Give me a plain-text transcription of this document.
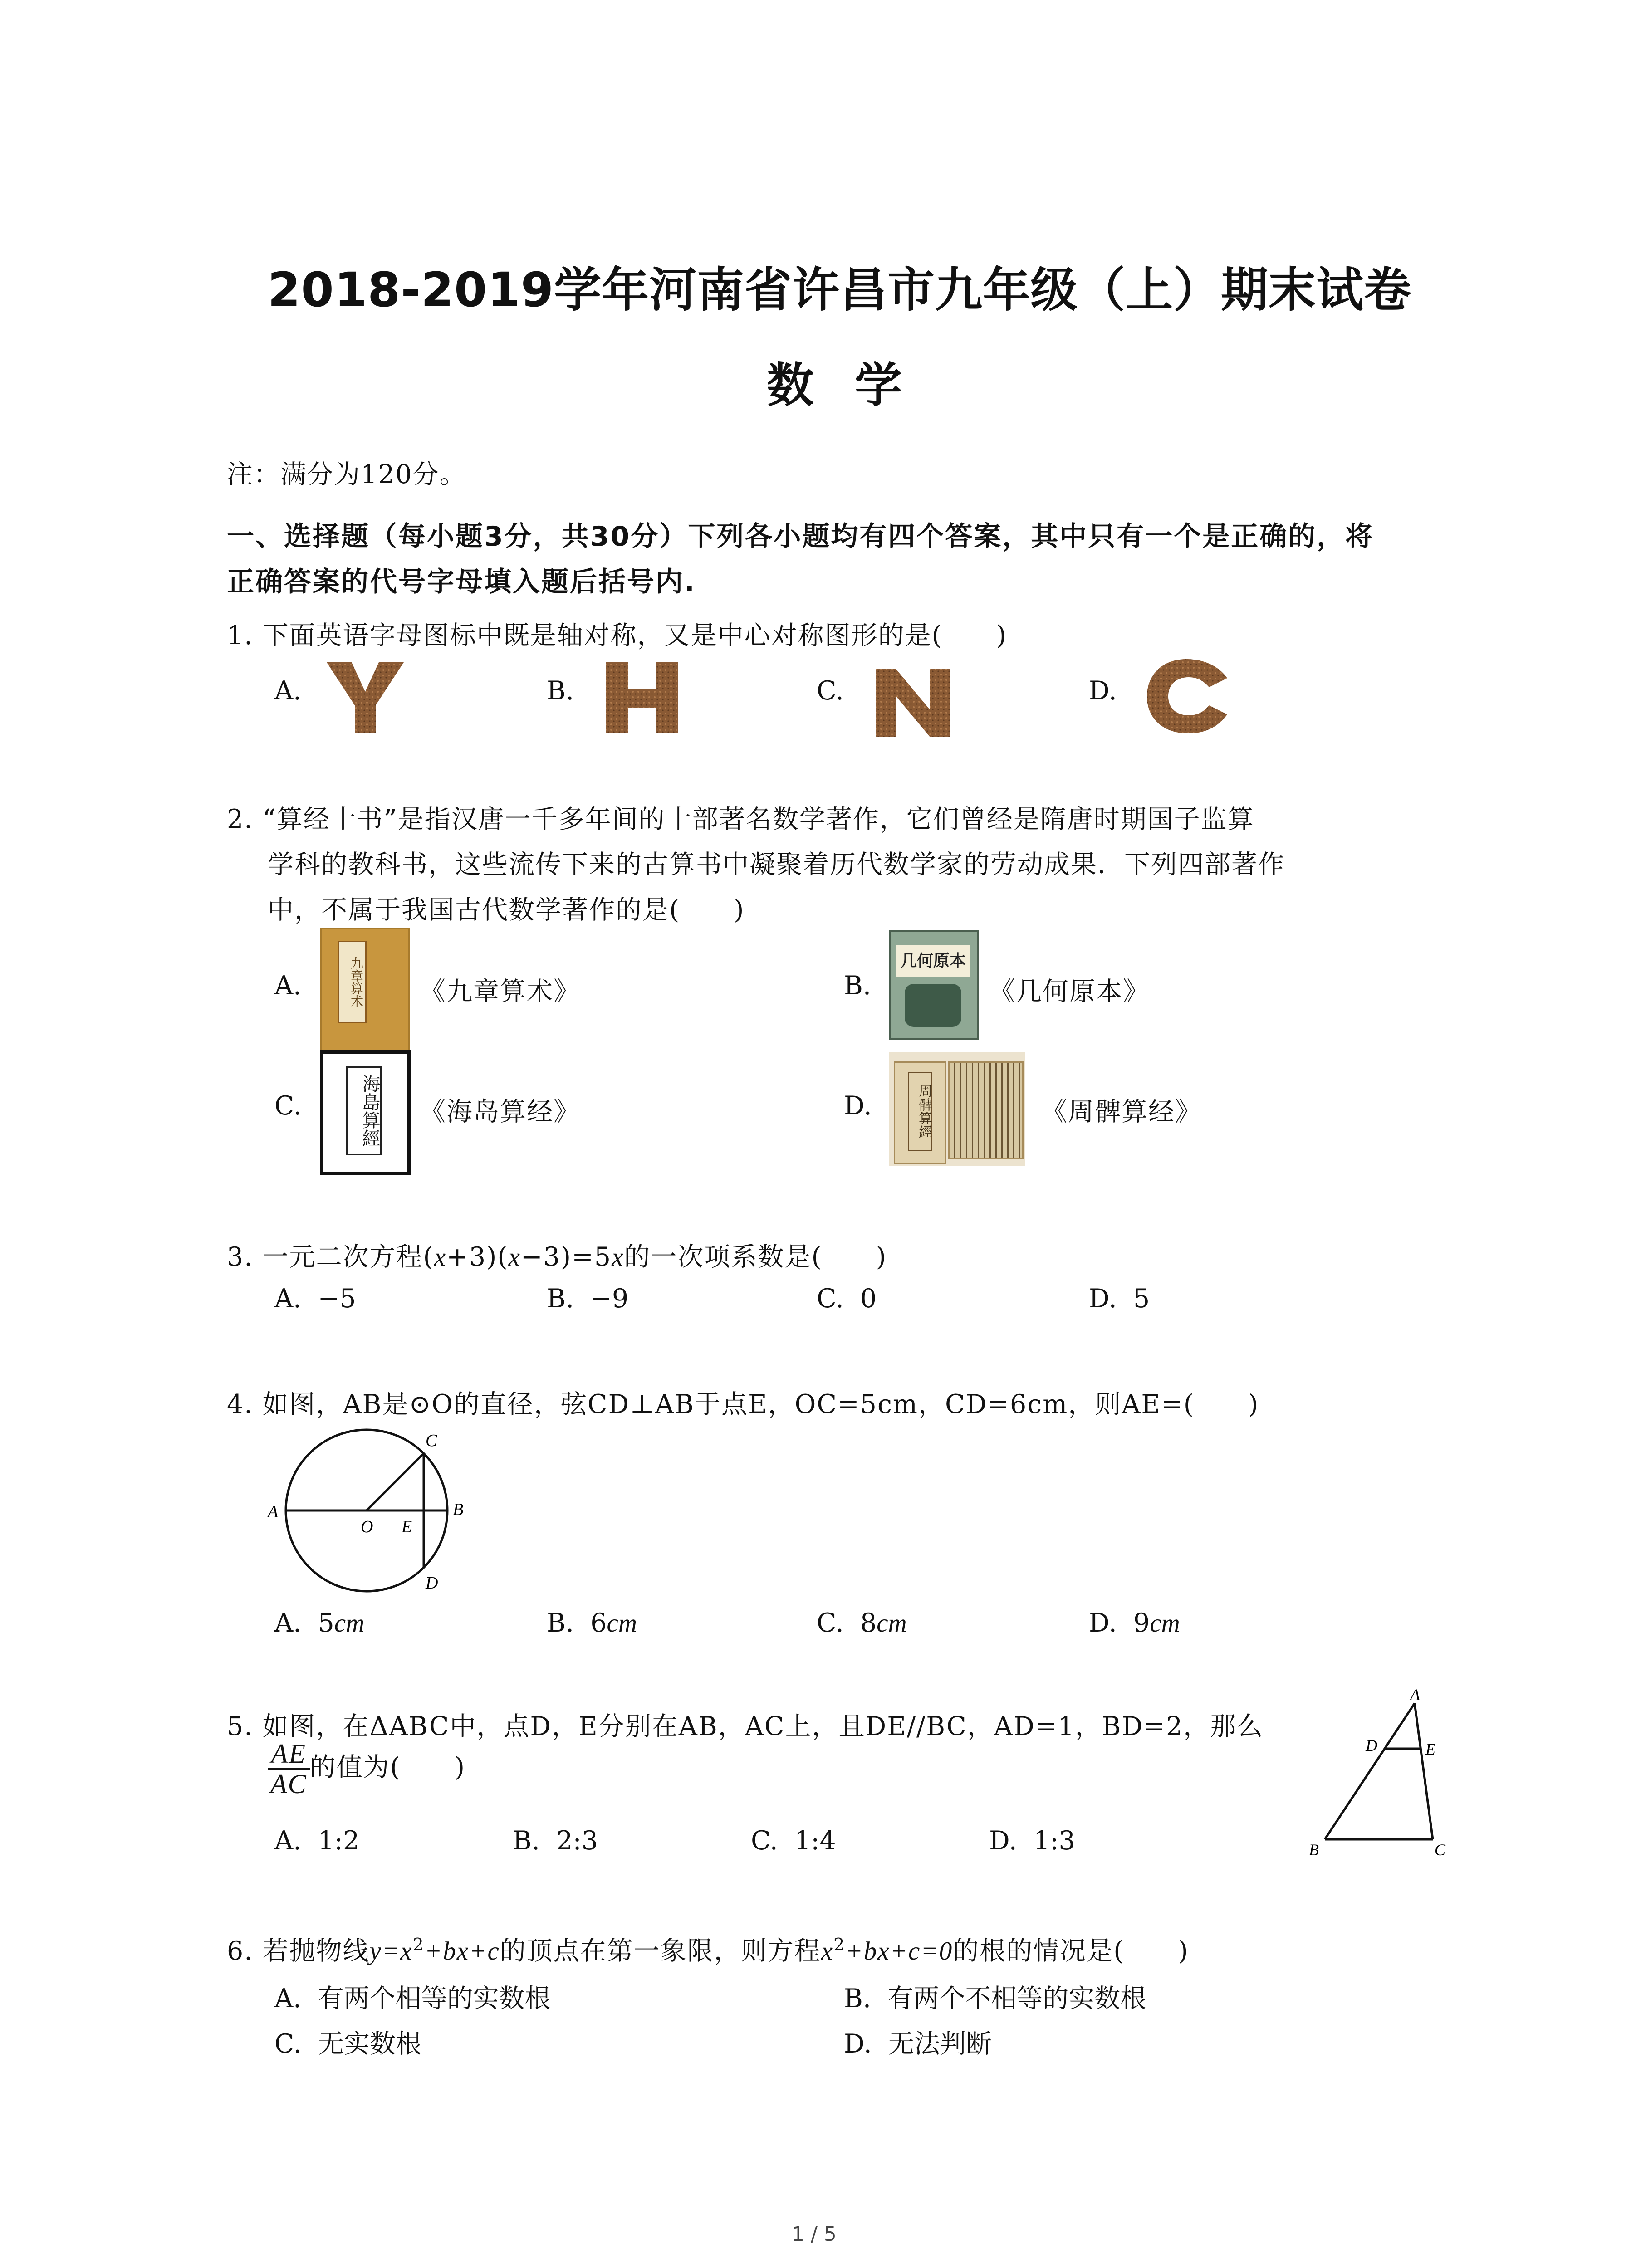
2018-2019学年河南省许昌市九年级（上）期末试卷
数学
注：满分为120分。
一、选择题（每小题3分，共30分）下列各小题均有四个答案，其中只有一个是正确的，将
正确答案的代号字母填入题后括号内.
1. 下面英语字母图标中既是轴对称，又是中心对称图形的是(　　)
A.	B.	C.	D.
2. “算经十书”是指汉唐一千多年间的十部著名数学著作，它们曾经是隋唐时期国子监算
学科的教科书，这些流传下来的古算书中凝聚着历代数学家的劳动成果．下列四部著作
中，不属于我国古代数学著作的是(　　)
A.	九章算术 《九章算术》	B.
几何原本
《几何原本》
C.	海島算經 《海岛算经》	D.	周髀算經	《周髀算经》
3. 一元二次方程(x+3)(x−3)=5x的一次项系数是(　　)
A. −5	B. −9	C. 0	D. 5
4. 如图，AB是⊙O的直径，弦CD⊥AB于点E，OC=5cm，CD=6cm，则AE=(　　)
A	B
C
D
O E
A. 5cm	B. 6cm	C. 8cm	D. 9cm
5. 如图，在ΔABC中，点D，E分别在AB，AC上，且DE//BC，AD=1，BD=2，那么
$\frac{AE}{AC}$ 的值为(　　)
A
B	C
D	E
A. 1:2	B. 2:3	C. 1:4	D. 1:3
6. 若抛物线$y=x^2+bx+c$的顶点在第一象限，则方程$x^2+bx+c=0$的根的情况是(　　)
A. 有两个相等的实数根	B. 有两个不相等的实数根
C. 无实数根	D. 无法判断
1 / 5
